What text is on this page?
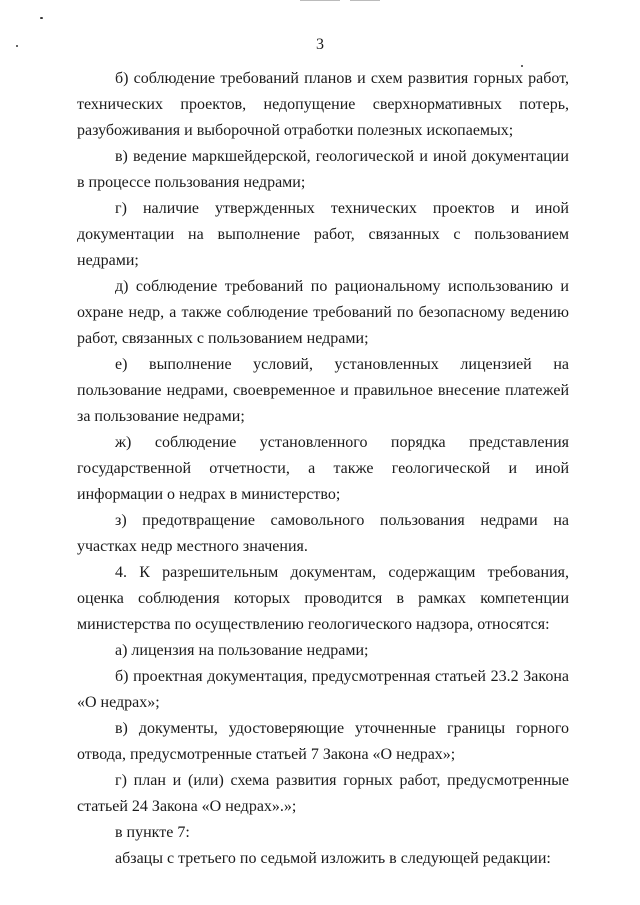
3

б) соблюдение требований планов и схем развития горных работ, технических проектов, недопущение сверхнормативных потерь, разубоживания и выборочной отработки полезных ископаемых;

в) ведение маркшейдерской, геологической и иной документации в процессе пользования недрами;

г) наличие утвержденных технических проектов и иной документации на выполнение работ, связанных с пользованием недрами;

д) соблюдение требований по рациональному использованию и охране недр, а также соблюдение требований по безопасному ведению работ, связанных с пользованием недрами;

е) выполнение условий, установленных лицензией на пользование недрами, своевременное и правильное внесение платежей за пользование недрами;

ж) соблюдение установленного порядка представления государственной отчетности, а также геологической и иной информации о недрах в министерство;

з) предотвращение самовольного пользования недрами на участках недр местного значения.

4. К разрешительным документам, содержащим требования, оценка соблюдения которых проводится в рамках компетенции министерства по осуществлению геологического надзора, относятся:

а) лицензия на пользование недрами;

б) проектная документация, предусмотренная статьей 23.2 Закона «О недрах»;

в) документы, удостоверяющие уточненные границы горного отвода, предусмотренные статьей 7 Закона «О недрах»;

г) план и (или) схема развития горных работ, предусмотренные статьей 24 Закона «О недрах».»;

в пункте 7:

абзацы с третьего по седьмой изложить в следующей редакции:
